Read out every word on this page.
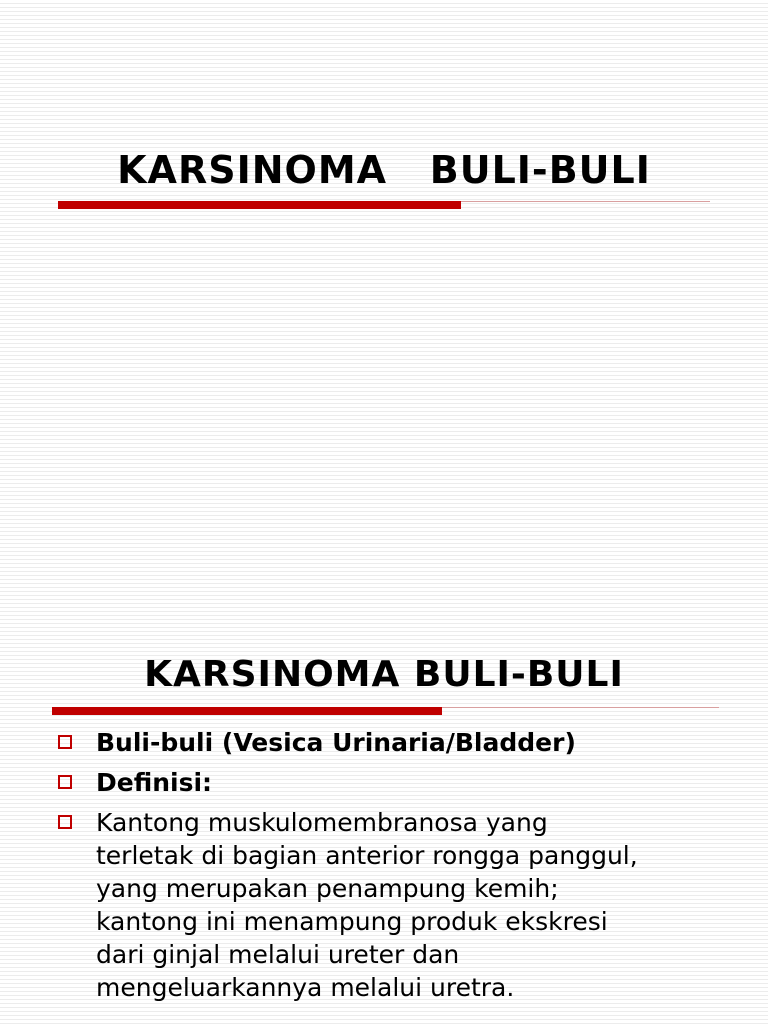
KARSINOMA   BULI-BULI
KARSINOMA BULI-BULI
Buli-buli (Vesica Urinaria/Bladder)
Definisi:
Kantong muskulomembranosa yang
terletak di bagian anterior rongga panggul,
yang merupakan penampung kemih;
kantong ini menampung produk ekskresi
dari ginjal melalui ureter dan
mengeluarkannya melalui uretra.
